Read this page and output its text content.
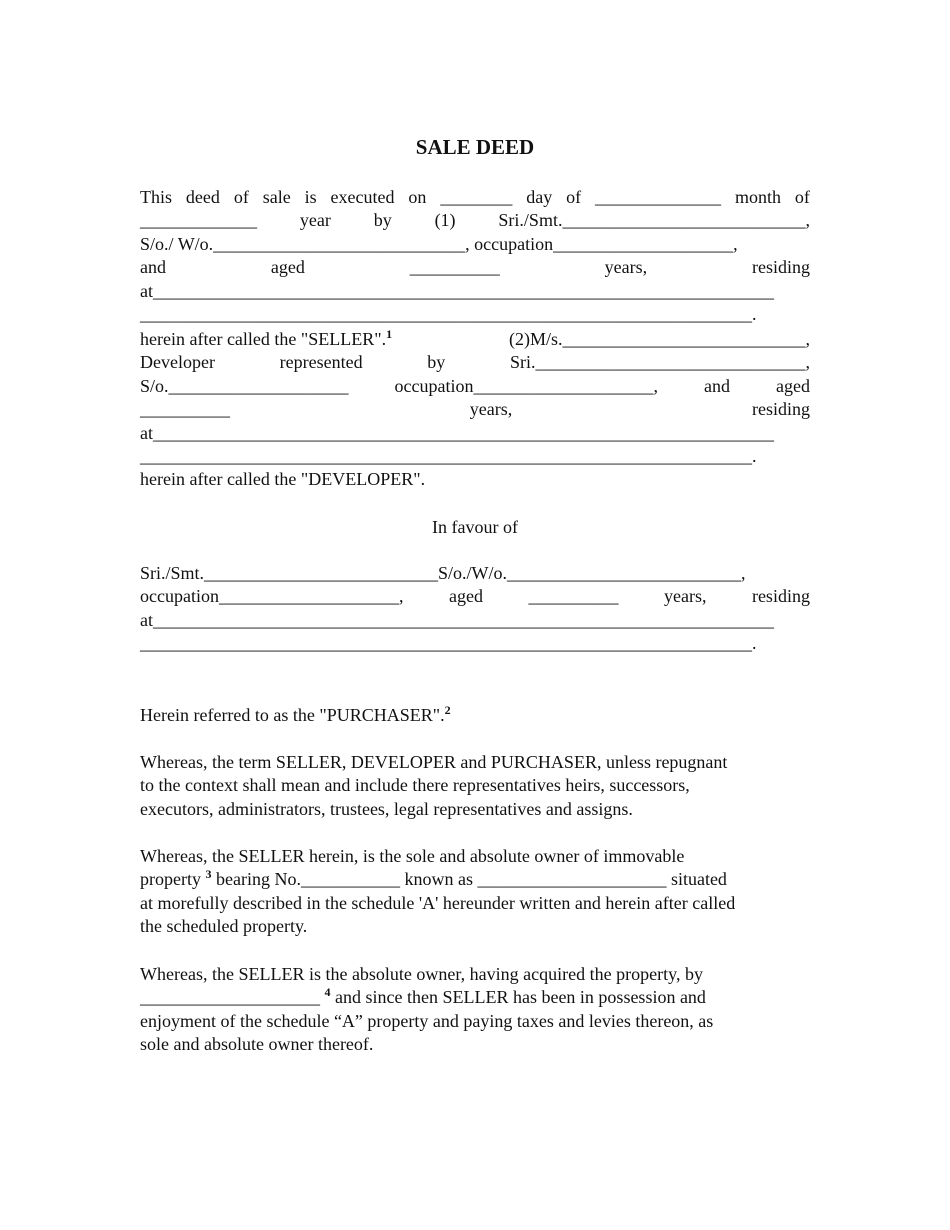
SALE DEED
This deed of sale is executed on ________ day of ______________ month of
_____________ year by (1) Sri./Smt.___________________________,
S/o./ W/o.____________________________, occupation____________________,
and	aged	__________	years,	residing
at_____________________________________________________________________
____________________________________________________________________.
herein after called the "SELLER".$^1$	(2)M/s.___________________________,
Developer	represented	by	Sri.______________________________,
S/o.____________________	occupation____________________,	and	aged
__________	years,	residing
at_____________________________________________________________________
____________________________________________________________________.
herein after called the "DEVELOPER".
In favour of
Sri./Smt.__________________________S/o./W/o.__________________________,
occupation____________________,	aged	__________	years,	residing
at_____________________________________________________________________
____________________________________________________________________.
Herein referred to as the "PURCHASER".$^2$
Whereas, the term SELLER, DEVELOPER and PURCHASER, unless repugnant
to the context shall mean and include there representatives heirs, successors,
executors, administrators, trustees, legal representatives and assigns.
Whereas, the SELLER herein, is the sole and absolute owner of immovable
property $^3$ bearing No.___________ known as _____________________ situated
at morefully described in the schedule 'A' hereunder written and herein after called
the scheduled property.
Whereas, the SELLER is the absolute owner, having acquired the property, by
____________________ $^4$ and since then SELLER has been in possession and
enjoyment of the schedule “A” property and paying taxes and levies thereon, as
sole and absolute owner thereof.
